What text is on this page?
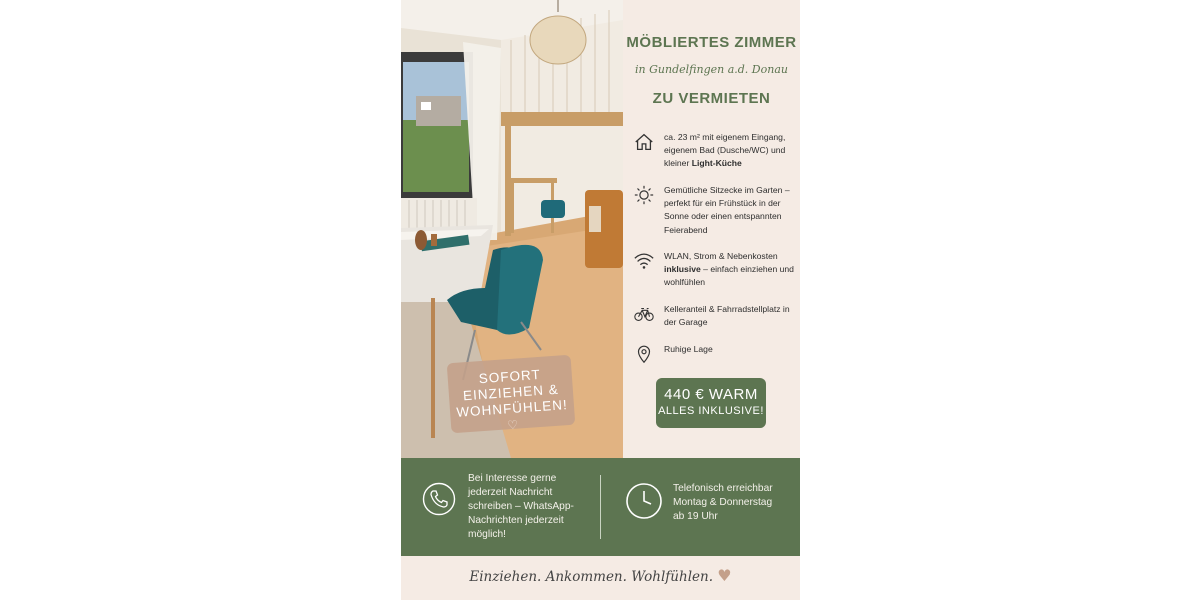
SOFORT
EINZIEHEN &
WOHNFÜHLEN! ♡
MÖBLIERTES ZIMMER
in Gundelfingen a.d. Donau
ZU VERMIETEN
ca. 23 m² mit eigenem Eingang, eigenem Bad (Dusche/WC) und kleiner Light-Küche
Gemütliche Sitzecke im Garten – perfekt für ein Frühstück in der Sonne oder einen entspannten Feierabend
WLAN, Strom & Nebenkosten inklusive – einfach einziehen und wohlfühlen
Kelleranteil & Fahrradstellplatz in der Garage
Ruhige Lage
440 € WARM
ALLES INKLUSIVE!
Bei Interesse gerne jederzeit Nachricht schreiben – WhatsApp-Nachrichten jederzeit möglich!
Telefonisch erreichbar Montag & Donnerstag ab 19 Uhr
Einziehen. Ankommen. Wohlfühlen. ♥
